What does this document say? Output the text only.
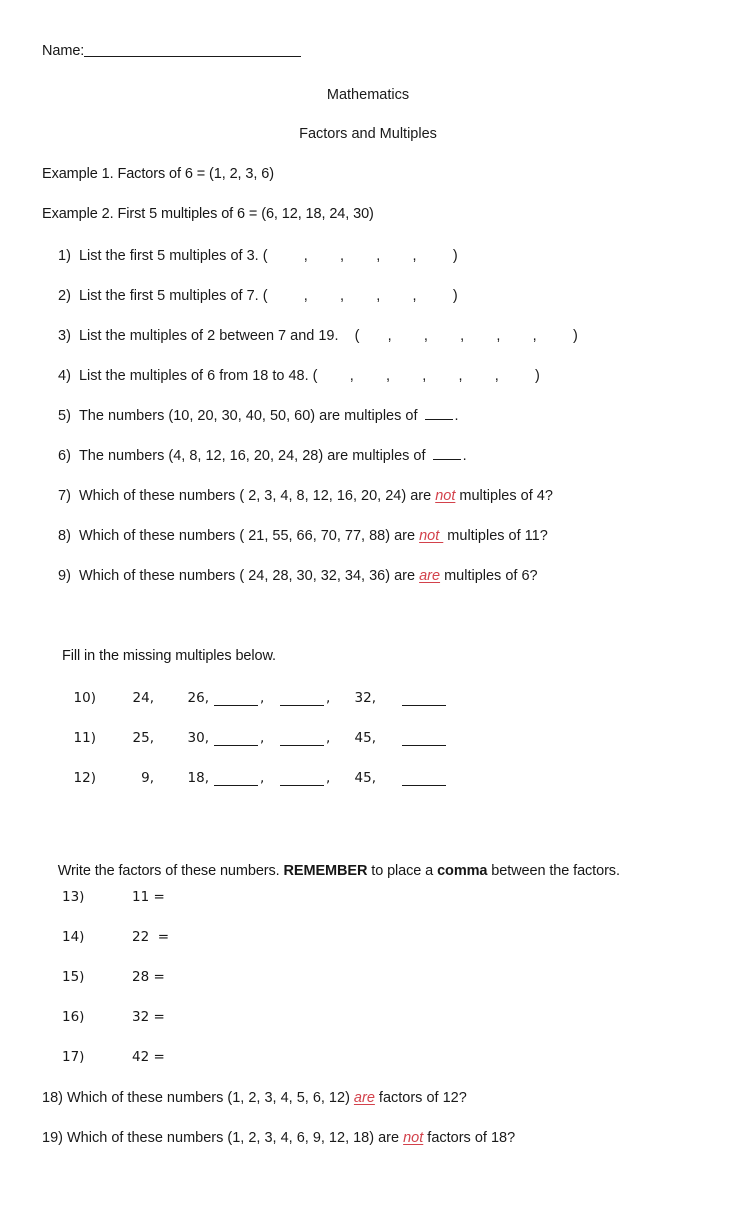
Name:
Mathematics
Factors and Multiples
Example 1. Factors of 6 = (1, 2, 3, 6)
Example 2. First 5 multiples of 6 = (6, 12, 18, 24, 30)
1) List the first 5 multiples of 3. ( ,        ,        ,        ,         )
2) List the first 5 multiples of 7. ( ,        ,        ,        ,         )
3) List the multiples of 2 between 7 and 19.    ( ,        ,        ,        ,        ,         )
4) List the multiples of 6 from 18 to 48. ( ,        ,        ,        ,        ,         )
5) The numbers (10, 20, 30, 40, 50, 60) are multiples of .
6) The numbers (4, 8, 12, 16, 20, 24, 28) are multiples of .
7) Which of these numbers ( 2, 3, 4, 8, 12, 16, 20, 24) are not multiples of 4?
8) Which of these numbers ( 21, 55, 66, 70, 77, 88) are not multiples of 11?
9) Which of these numbers ( 24, 28, 30, 32, 34, 36) are are multiples of 6?
Fill in the missing multiples below.
10)	24,	26,	,	,	32,
11)	25,	30,	,	,	45,
12)	9,	18,	,	,	45,

Write the factors of these numbers. REMEMBER to place a comma between the factors.

13)	11 =
14)	22  =
15)	28 =
16)	32 =
17)	42 =
18) Which of these numbers (1, 2, 3, 4, 5, 6, 12) are factors of 12?
19) Which of these numbers (1, 2, 3, 4, 6, 9, 12, 18) are not factors of 18?
